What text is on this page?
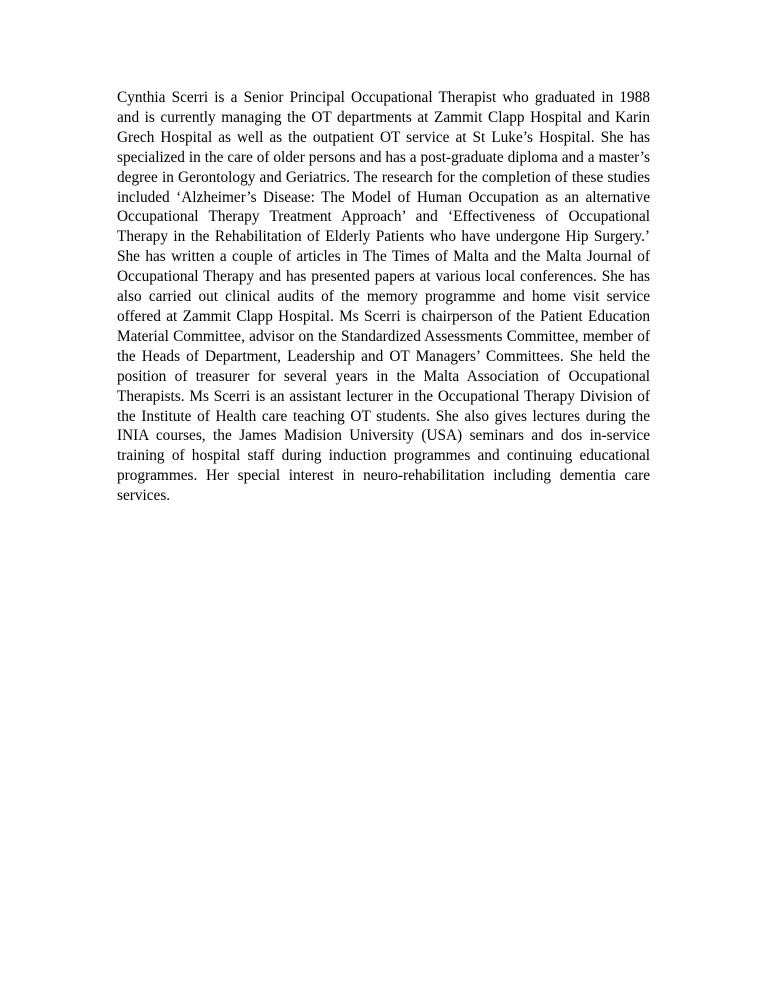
Cynthia Scerri is a Senior Principal Occupational Therapist who graduated in 1988 and is currently managing the OT departments at Zammit Clapp Hospital and Karin Grech Hospital as well as the outpatient OT service at St Luke’s Hospital. She has specialized in the care of older persons and has a post-graduate diploma and a master’s degree in Gerontology and Geriatrics. The research for the completion of these studies included ‘Alzheimer’s Disease: The Model of Human Occupation as an alternative Occupational Therapy Treatment Approach’ and ‘Effectiveness of Occupational Therapy in the Rehabilitation of Elderly Patients who have undergone Hip Surgery.’ She has written a couple of articles in The Times of Malta and the Malta Journal of Occupational Therapy and has presented papers at various local conferences. She has also carried out clinical audits of the memory programme and home visit service offered at Zammit Clapp Hospital. Ms Scerri is chairperson of the Patient Education Material Committee, advisor on the Standardized Assessments Committee, member of the Heads of Department, Leadership and OT Managers’ Committees. She held the position of treasurer for several years in the Malta Association of Occupational Therapists. Ms Scerri is an assistant lecturer in the Occupational Therapy Division of the Institute of Health care teaching OT students. She also gives lectures during the INIA courses, the James Madision University (USA) seminars and dos in-service training of hospital staff during induction programmes and continuing educational programmes. Her special interest in neuro-rehabilitation including dementia care services.
